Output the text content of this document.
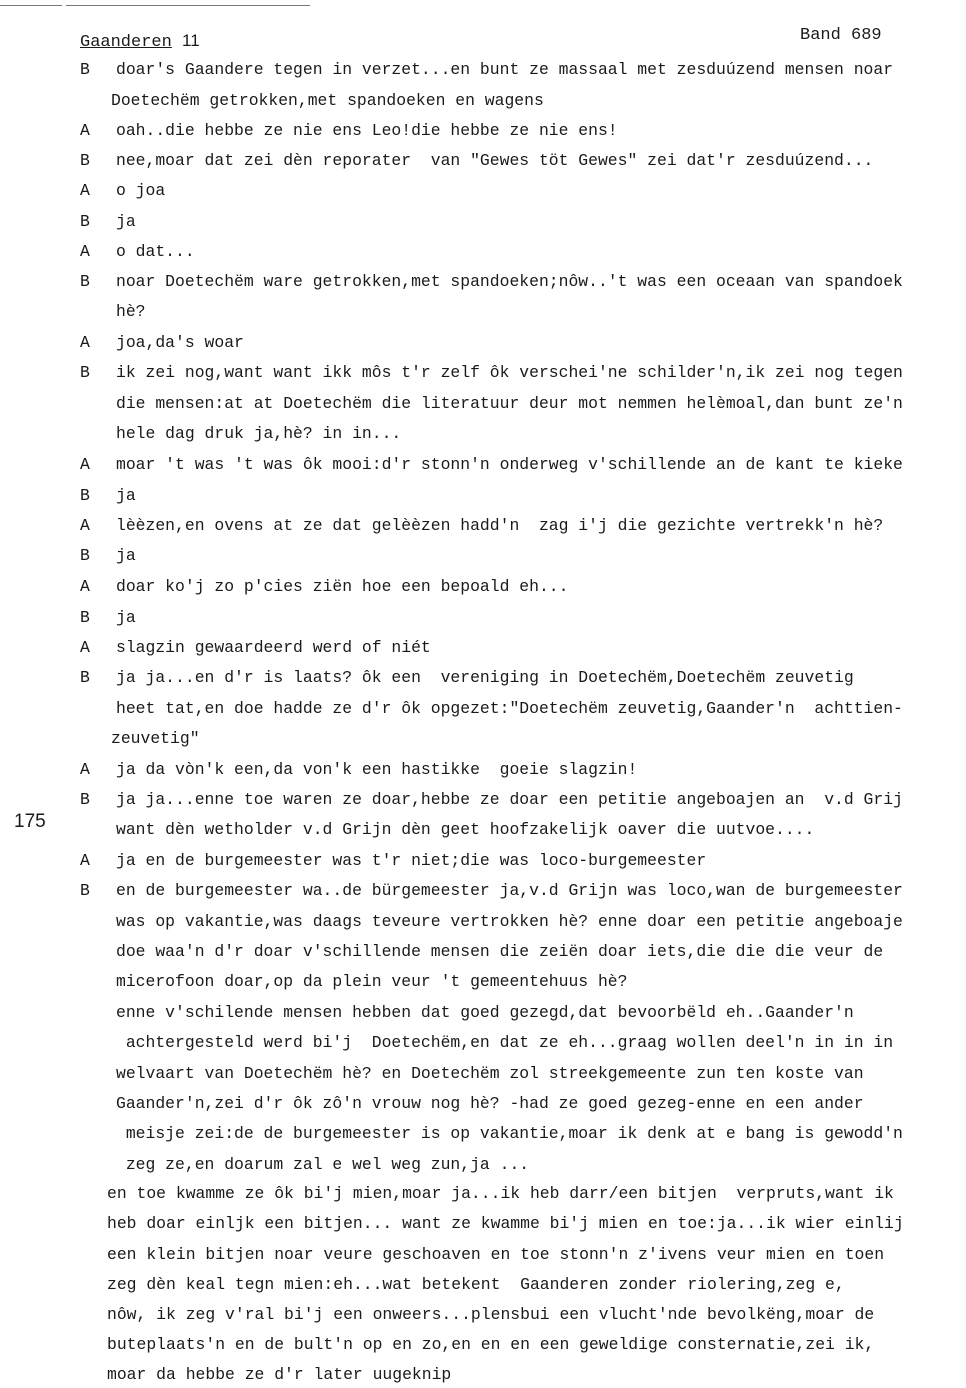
Gaanderen 11	Band 689
175
B doar's Gaandere tegen in verzet...en bunt ze massaal met zesduúzend mensen noar
Doetechëm getrokken,met spandoeken en wagens
A oah..die hebbe ze nie ens Leo!die hebbe ze nie ens!
B nee,moar dat zei dèn reporater  van "Gewes töt Gewes" zei dat'r zesduúzend...
A o joa
B ja
A o dat...
B noar Doetechëm ware getrokken,met spandoeken;nôw..'t was een oceaan van spandoek
hè?
A joa,da's woar
B ik zei nog,want want ikk môs t'r zelf ôk verschei'ne schilder'n,ik zei nog tegen
die mensen:at at Doetechëm die literatuur deur mot nemmen helèmoal,dan bunt ze'n
hele dag druk ja,hè? in in...
A moar 't was 't was ôk mooi:d'r stonn'n onderweg v'schillende an de kant te kieke
B ja
A lèèzen,en ovens at ze dat gelèèzen hadd'n  zag i'j die gezichte vertrekk'n hè?
B ja
A doar ko'j zo p'cies ziën hoe een bepoald eh...
B ja
A slagzin gewaardeerd werd of niét
B ja ja...en d'r is laats? ôk een  vereniging in Doetechëm,Doetechëm zeuvetig
heet tat,en doe hadde ze d'r ôk opgezet:"Doetechëm zeuvetig,Gaander'n  achttien-
zeuvetig"
A ja da vòn'k een,da von'k een hastikke  goeie slagzin!
B ja ja...enne toe waren ze doar,hebbe ze doar een petitie angeboajen an  v.d Grij
want dèn wetholder v.d Grijn dèn geet hoofzakelijk oaver die uutvoe....
A ja en de burgemeester was t'r niet;die was loco-burgemeester
B en de burgemeester wa..de bürgemeester ja,v.d Grijn was loco,wan de burgemeester
was op vakantie,was daags teveure vertrokken hè? enne doar een petitie angeboaje
doe waa'n d'r doar v'schillende mensen die zeiën doar iets,die die die veur de
micerofoon doar,op da plein veur 't gemeentehuus hè?
enne v'schilende mensen hebben dat goed gezegd,dat bevoorbëld eh..Gaander'n
achtergesteld werd bi'j  Doetechëm,en dat ze eh...graag wollen deel'n in in in
welvaart van Doetechëm hè? en Doetechëm zol streekgemeente zun ten koste van
Gaander'n,zei d'r ôk zô'n vrouw nog hè? -had ze goed gezeg-enne en een ander
meisje zei:de de burgemeester is op vakantie,moar ik denk at e bang is gewodd'n
zeg ze,en doarum zal e wel weg zun,ja ...
en toe kwamme ze ôk bi'j mien,moar ja...ik heb darr/een bitjen  verpruts,want ik
heb doar einljk een bitjen... want ze kwamme bi'j mien en toe:ja...ik wier einlij
een klein bitjen noar veure geschoaven en toe stonn'n z'ivens veur mien en toen
zeg dèn keal tegn mien:eh...wat betekent  Gaanderen zonder riolering,zeg e,
nôw, ik zeg v'ral bi'j een onweers...plensbui een vlucht'nde bevolkëng,moar de
buteplaats'n en de bult'n op en zo,en en en een geweldige consternatie,zei ik,
moar da hebbe ze d'r later uugeknip
